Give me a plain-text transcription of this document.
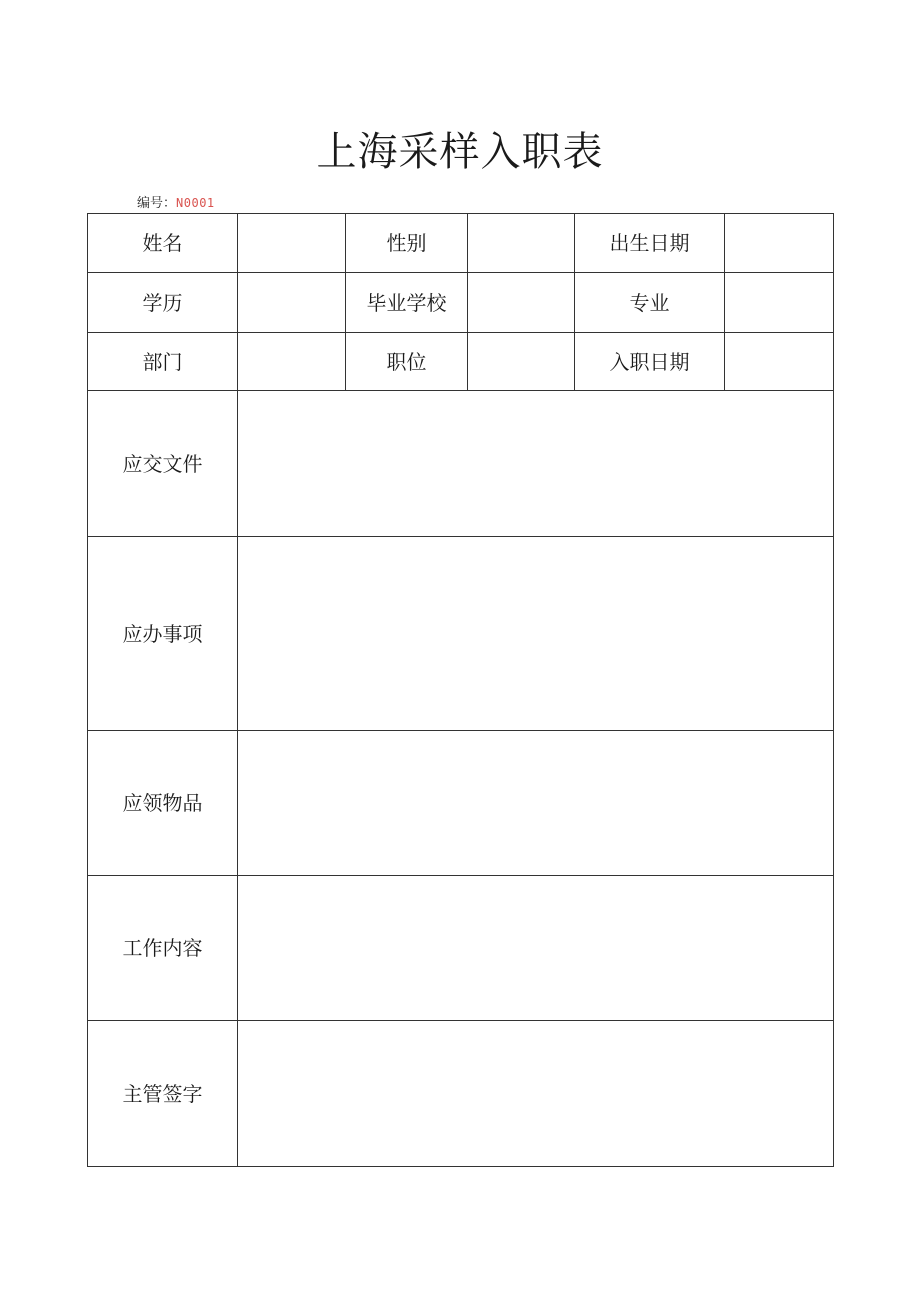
上海采样入职表
编号：N0001
姓名		性别		出生日期	
学历		毕业学校		专业	
部门		职位		入职日期	
应交文件					
应办事项					
应领物品					
工作内容					
主管签字					
